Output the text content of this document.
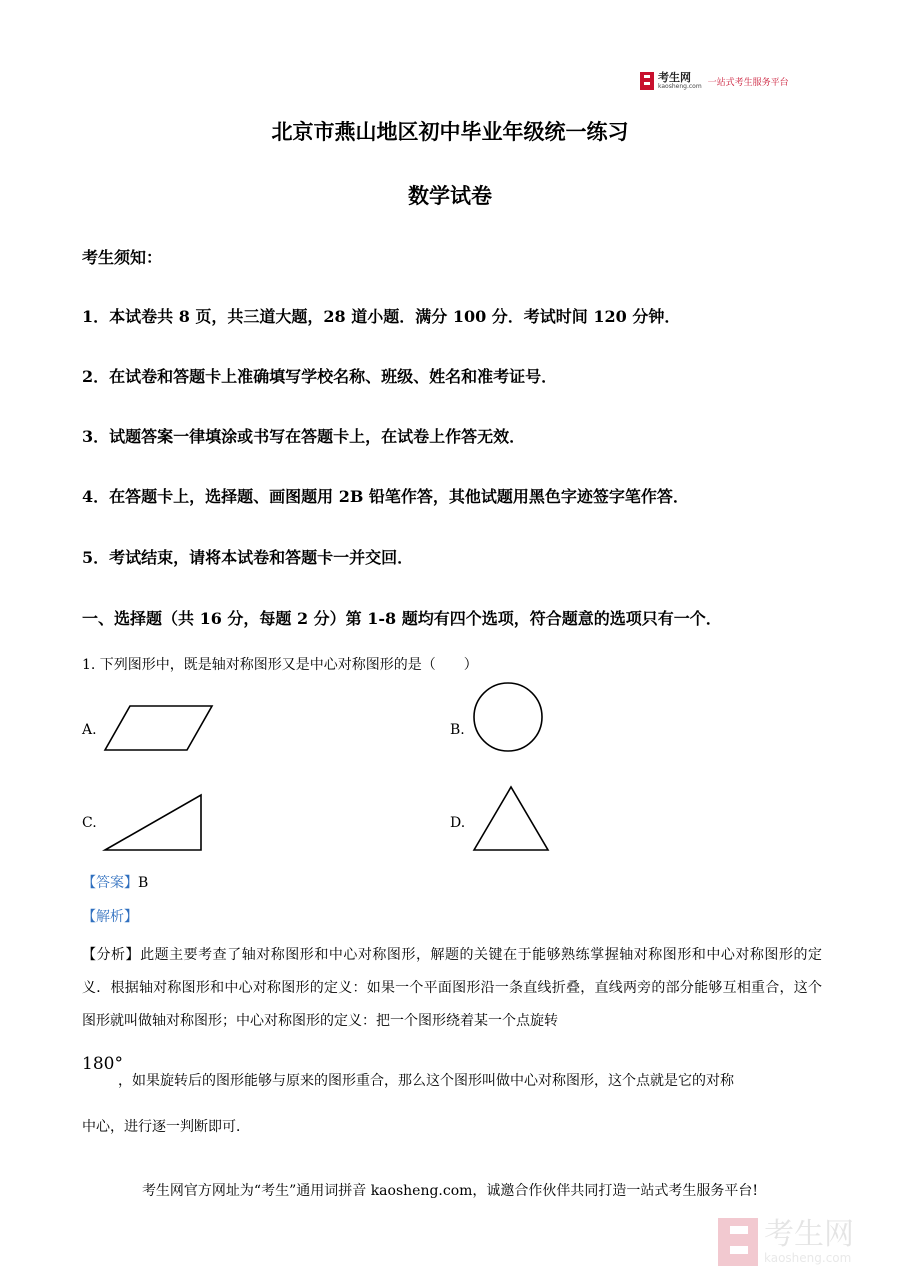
考生网
kaosheng.com 一站式考生服务平台
北京市燕山地区初中毕业年级统一练习
数学试卷
考生须知：
1．本试卷共 8 页，共三道大题，28 道小题．满分 100 分．考试时间 120 分钟．
2．在试卷和答题卡上准确填写学校名称、班级、姓名和准考证号．
3．试题答案一律填涂或书写在答题卡上，在试卷上作答无效．
4．在答题卡上，选择题、画图题用 2B 铅笔作答，其他试题用黑色字迹签字笔作答．
5．考试结束，请将本试卷和答题卡一并交回．
一、选择题（共 16 分，每题 2 分）第 1-8 题均有四个选项，符合题意的选项只有一个．
1. 下列图形中，既是轴对称图形又是中心对称图形的是（　　）
A.	B.
C.	D.
【答案】B
【解析】
【分析】此题主要考查了轴对称图形和中心对称图形，解题的关键在于能够熟练掌握轴对称图形和中心对称图形的定义．根据轴对称图形和中心对称图形的定义：如果一个平面图形沿一条直线折叠，直线两旁的部分能够互相重合，这个图形就叫做轴对称图形；中心对称图形的定义：把一个图形绕着某一个点旋转
180°
，如果旋转后的图形能够与原来的图形重合，那么这个图形叫做中心对称图形，这个点就是它的对称
中心，进行逐一判断即可．
考生网官方网址为“考生”通用词拼音 kaosheng.com，诚邀合作伙伴共同打造一站式考生服务平台!
考生网
kaosheng.com
